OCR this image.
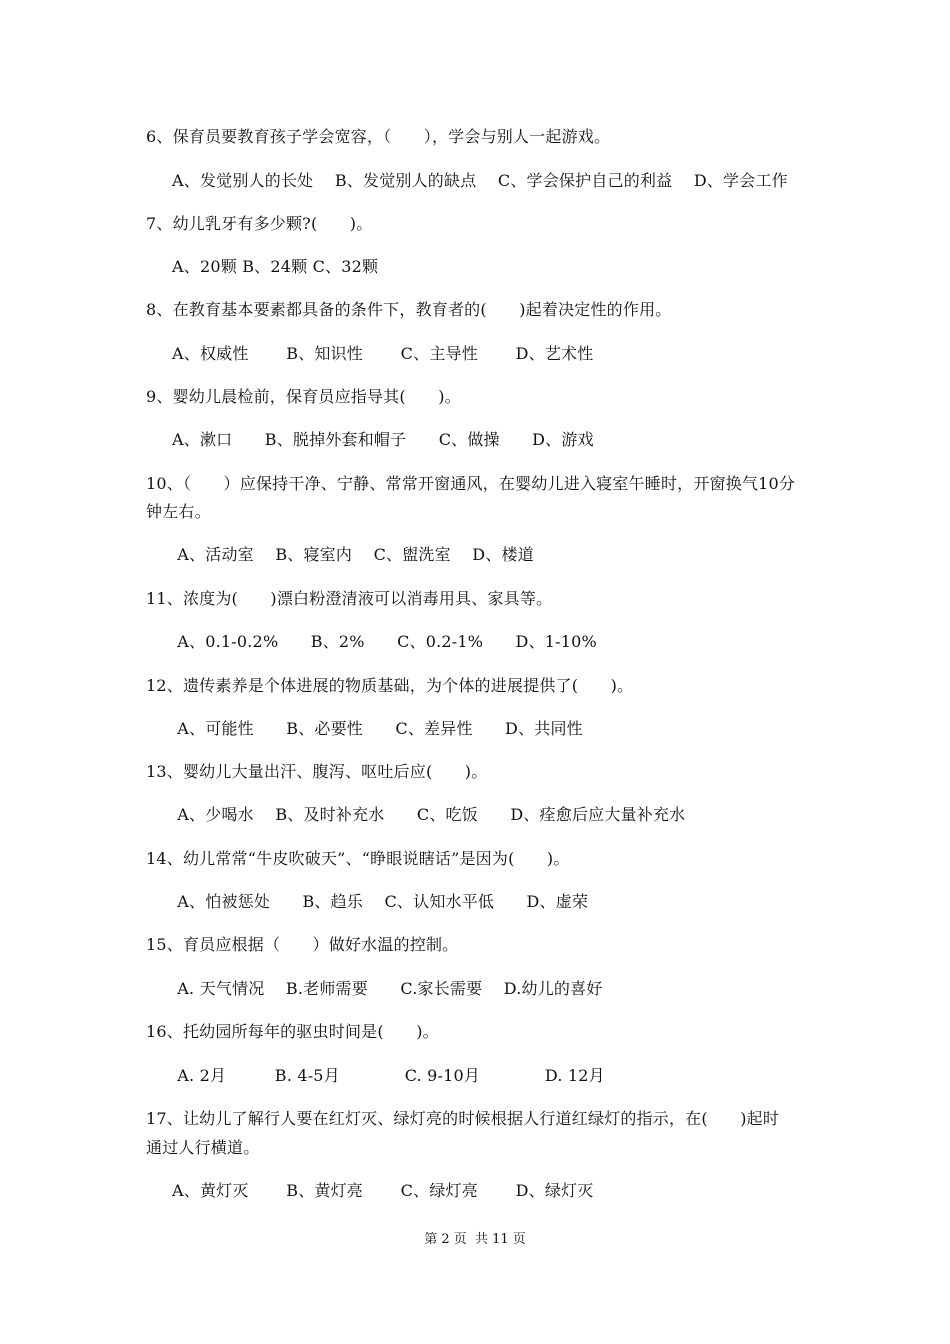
6、保育员要教育孩子学会宽容，（　　），学会与别人一起游戏。
A、发觉别人的长处　 B、发觉别人的缺点　 C、学会保护自己的利益　 D、学会工作
7、幼儿乳牙有多少颗?(　　)。
A、20颗 B、24颗 C、32颗
8、在教育基本要素都具备的条件下，教育者的(　　)起着决定性的作用。
A、权威性　　 B、知识性　　 C、主导性　　 D、艺术性
9、婴幼儿晨检前，保育员应指导其(　　)。
A、漱口　　B、脱掉外套和帽子　　C、做操　　D、游戏
10、（　　）应保持干净、宁静、常常开窗通风，在婴幼儿进入寝室午睡时，开窗换气10分
钟左右。
A、活动室　 B、寝室内　 C、盥洗室　 D、楼道
11、浓度为(　　)漂白粉澄清液可以消毒用具、家具等。
A、0.1-0.2%　　B、2%　　C、0.2-1%　　D、1-10%
12、遗传素养是个体进展的物质基础，为个体的进展提供了(　　)。
A、可能性　　B、必要性　　C、差异性　　D、共同性
13、婴幼儿大量出汗、腹泻、呕吐后应(　　)。
A、少喝水　 B、及时补充水　　C、吃饭　　D、痊愈后应大量补充水
14、幼儿常常“牛皮吹破天”、“睁眼说瞎话”是因为(　　)。
A、怕被惩处　　B、趋乐　 C、认知水平低　　D、虚荣
15、育员应根据（　　）做好水温的控制。
A. 天气情况　 B.老师需要　　C.家长需要　 D.幼儿的喜好
16、托幼园所每年的驱虫时间是(　　)。
A. 2月　　　B. 4-5月　　　　C. 9-10月　　　　D. 12月
17、让幼儿了解行人要在红灯灭、绿灯亮的时候根据人行道红绿灯的指示，在(　　)起时
通过人行横道。
A、黄灯灭　　 B、黄灯亮　　 C、绿灯亮　　 D、绿灯灭
第 2 页  共 11 页
